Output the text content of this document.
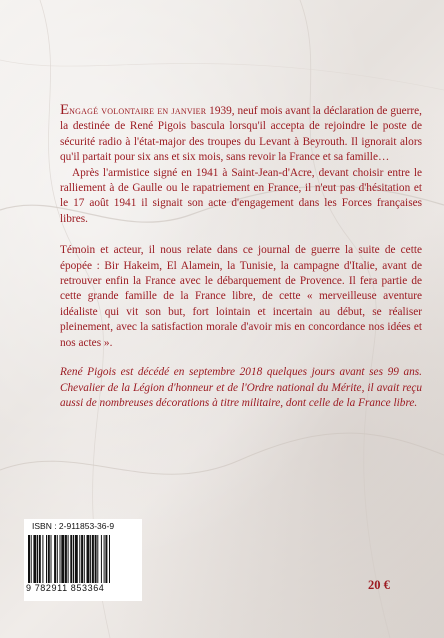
Engagé volontaire en janvier 1939, neuf mois avant la déclaration de guerre, la destinée de René Pigois bascula lorsqu'il accepta de rejoindre le poste de sécurité radio à l'état-major des troupes du Levant à Beyrouth. Il ignorait alors qu'il partait pour six ans et six mois, sans revoir la France et sa famille…

Après l'armistice signé en 1941 à Saint-Jean-d'Acre, devant choisir entre le ralliement à de Gaulle ou le rapatriement en France, il n'eut pas d'hésitation et le 17 août 1941 il signait son acte d'engagement dans les Forces françaises libres.

Témoin et acteur, il nous relate dans ce journal de guerre la suite de cette épopée : Bir Hakeim, El Alamein, la Tunisie, la campagne d'Italie, avant de retrouver enfin la France avec le débarquement de Provence. Il fera partie de cette grande famille de la France libre, de cette « merveilleuse aventure idéaliste qui vit son but, fort lointain et incertain au début, se réaliser pleinement, avec la satisfaction morale d'avoir mis en concordance nos idées et nos actes ».

René Pigois est décédé en septembre 2018 quelques jours avant ses 99 ans. Chevalier de la Légion d'honneur et de l'Ordre national du Mérite, il avait reçu aussi de nombreuses décorations à titre militaire, dont celle de la France libre.

ISBN : 2-911853-36-9
9 782911 853364	20 €
